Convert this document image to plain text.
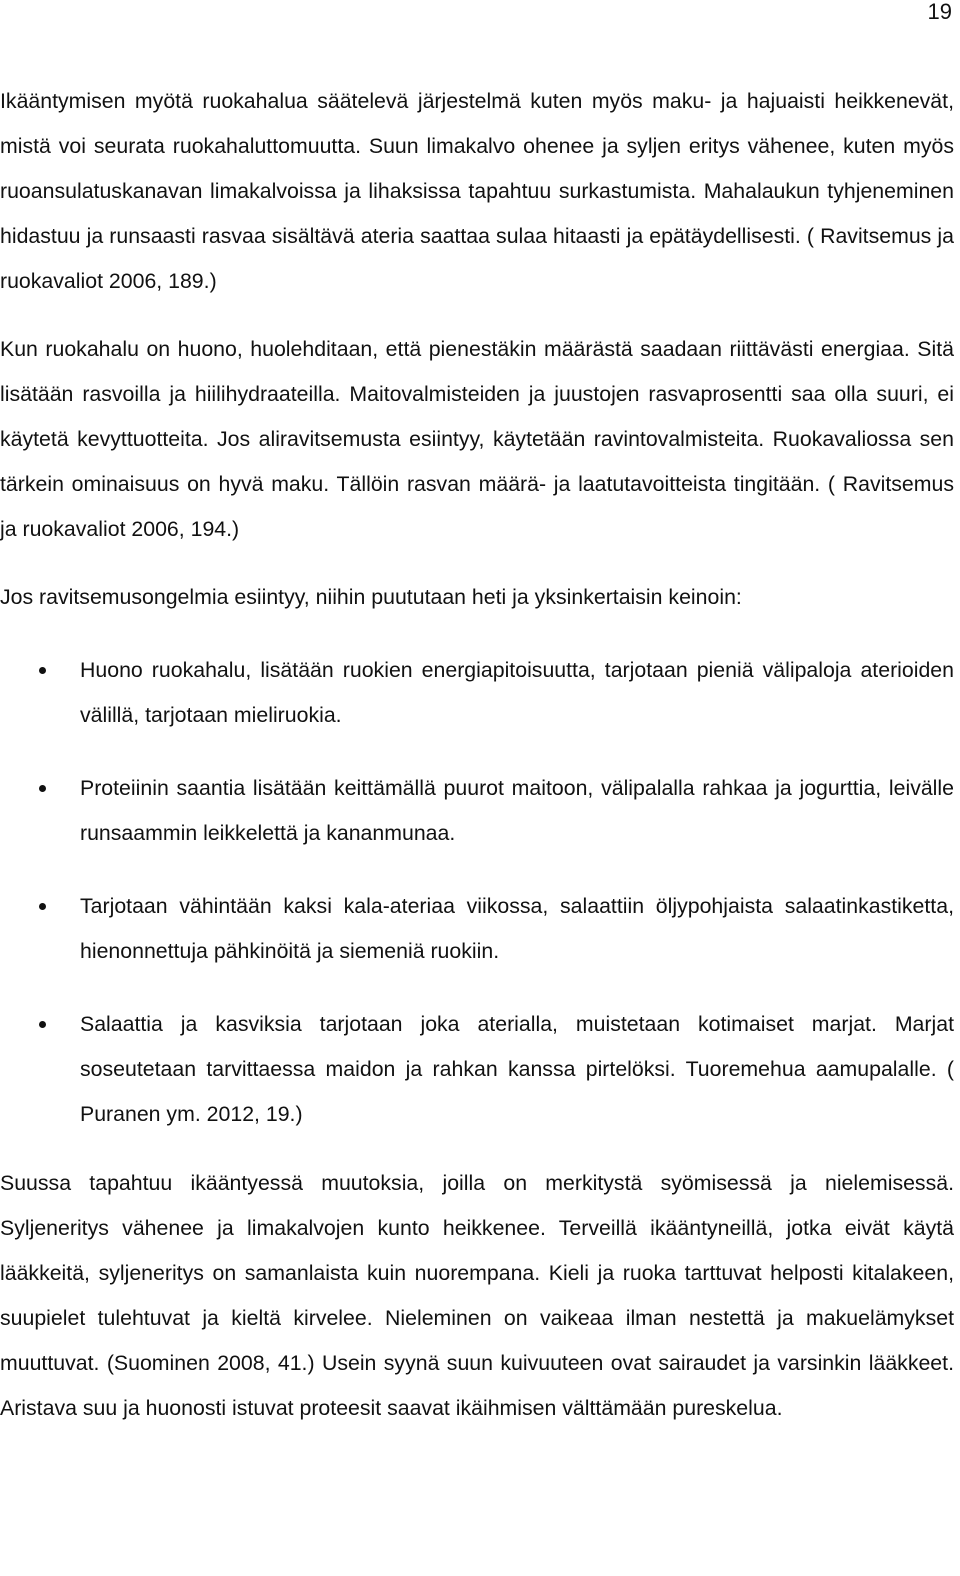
19

Ikääntymisen myötä ruokahalua säätelevä järjestelmä kuten myös maku- ja hajuaisti heikkenevät, mistä voi seurata ruokahaluttomuutta. Suun limakalvo ohenee ja syljen eritys vähenee, kuten myös ruoansulatuskanavan limakalvoissa ja lihaksissa tapahtuu surkastumista. Mahalaukun tyhjeneminen hidastuu ja runsaasti rasvaa sisältävä ateria saattaa sulaa hitaasti ja epätäydellisesti. ( Ravitsemus ja ruokavaliot 2006, 189.)

Kun ruokahalu on huono, huolehditaan, että pienestäkin määrästä saadaan riittävästi energiaa. Sitä lisätään rasvoilla ja hiilihydraateilla. Maitovalmisteiden ja juustojen rasvaprosentti saa olla suuri, ei käytetä kevyttuotteita. Jos aliravitsemusta esiintyy, käytetään ravintovalmisteita. Ruokavaliossa sen tärkein ominaisuus on hyvä maku. Tällöin rasvan määrä- ja laatutavoitteista tingitään. ( Ravitsemus ja ruokavaliot 2006, 194.)

Jos ravitsemusongelmia esiintyy, niihin puututaan heti ja yksinkertaisin keinoin:

Huono ruokahalu, lisätään ruokien energiapitoisuutta, tarjotaan pieniä välipaloja aterioiden välillä, tarjotaan mieliruokia.
Proteiinin saantia lisätään keittämällä puurot maitoon, välipalalla rahkaa ja jogurttia, leivälle runsaammin leikkelettä ja kananmunaa.
Tarjotaan vähintään kaksi kala-ateriaa viikossa, salaattiin öljypohjaista salaatinkastiketta, hienonnettuja pähkinöitä ja siemeniä ruokiin.
Salaattia ja kasviksia tarjotaan joka aterialla, muistetaan kotimaiset marjat. Marjat soseutetaan tarvittaessa maidon ja rahkan kanssa pirtelöksi. Tuoremehua aamupalalle. ( Puranen ym. 2012, 19.)

Suussa tapahtuu ikääntyessä muutoksia, joilla on merkitystä syömisessä ja nielemisessä. Syljeneritys vähenee ja limakalvojen kunto heikkenee. Terveillä ikääntyneillä, jotka eivät käytä lääkkeitä, syljeneritys on samanlaista kuin nuorempana. Kieli ja ruoka tarttuvat helposti kitalakeen, suupielet tulehtuvat ja kieltä kirvelee. Nieleminen on vaikeaa ilman nestettä ja makuelämykset muuttuvat. (Suominen 2008, 41.) Usein syynä suun kuivuuteen ovat sairaudet ja varsinkin lääkkeet. Aristava suu ja huonosti istuvat proteesit saavat ikäihmisen välttämään pureskelua.
